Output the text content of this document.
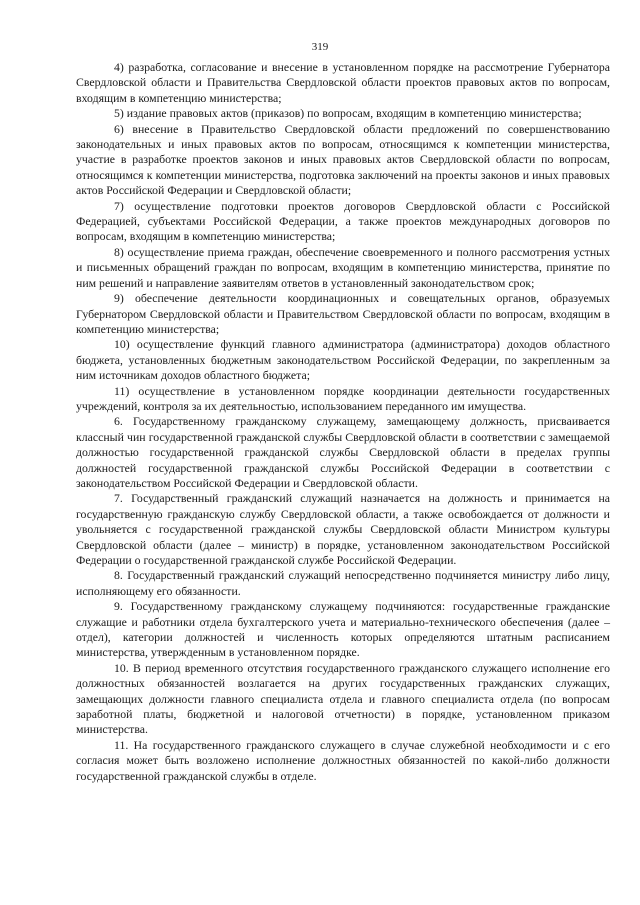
319

4) разработка, согласование и внесение в установленном порядке на рассмотрение Губернатора Свердловской области и Правительства Свердловской области проектов правовых актов по вопросам, входящим в компетенцию министерства;

5) издание правовых актов (приказов) по вопросам, входящим в компетенцию министерства;

6) внесение в Правительство Свердловской области предложений по совершенствованию законодательных и иных правовых актов по вопросам, относящимся к компетенции министерства, участие в разработке проектов законов и иных правовых актов Свердловской области по вопросам, относящимся к компетенции министерства, подготовка заключений на проекты законов и иных правовых актов Российской Федерации и Свердловской области;

7) осуществление подготовки проектов договоров Свердловской области с Российской Федерацией, субъектами Российской Федерации, а также проектов международных договоров по вопросам, входящим в компетенцию министерства;

8) осуществление приема граждан, обеспечение своевременного и полного рассмотрения устных и письменных обращений граждан по вопросам, входящим в компетенцию министерства, принятие по ним решений и направление заявителям ответов в установленный законодательством срок;

9) обеспечение деятельности координационных и совещательных органов, образуемых Губернатором Свердловской области и Правительством Свердловской области по вопросам, входящим в компетенцию министерства;

10) осуществление функций главного администратора (администратора) доходов областного бюджета, установленных бюджетным законодательством Российской Федерации, по закрепленным за ним источникам доходов областного бюджета;

11) осуществление в установленном порядке координации деятельности государственных учреждений, контроля за их деятельностью, использованием переданного им имущества.

6. Государственному гражданскому служащему, замещающему должность, присваивается классный чин государственной гражданской службы Свердловской области в соответствии с замещаемой должностью государственной гражданской службы Свердловской области в пределах группы должностей государственной гражданской службы Российской Федерации в соответствии с законодательством Российской Федерации и Свердловской области.

7. Государственный гражданский служащий назначается на должность и принимается на государственную гражданскую службу Свердловской области, а также освобождается от должности и увольняется с государственной гражданской службы Свердловской области Министром культуры Свердловской области (далее – министр) в порядке, установленном законодательством Российской Федерации о государственной гражданской службе Российской Федерации.

8. Государственный гражданский служащий непосредственно подчиняется министру либо лицу, исполняющему его обязанности.

9. Государственному гражданскому служащему подчиняются: государственные гражданские служащие и работники отдела бухгалтерского учета и материально-технического обеспечения (далее – отдел), категории должностей и численность которых определяются штатным расписанием министерства, утвержденным в установленном порядке.

10. В период временного отсутствия государственного гражданского служащего исполнение его должностных обязанностей возлагается на других государственных гражданских служащих, замещающих должности главного специалиста отдела и главного специалиста отдела (по вопросам заработной платы, бюджетной и налоговой отчетности) в порядке, установленном приказом министерства.

11. На государственного гражданского служащего в случае служебной необходимости и с его согласия может быть возложено исполнение должностных обязанностей по какой-либо должности государственной гражданской службы в отделе.
